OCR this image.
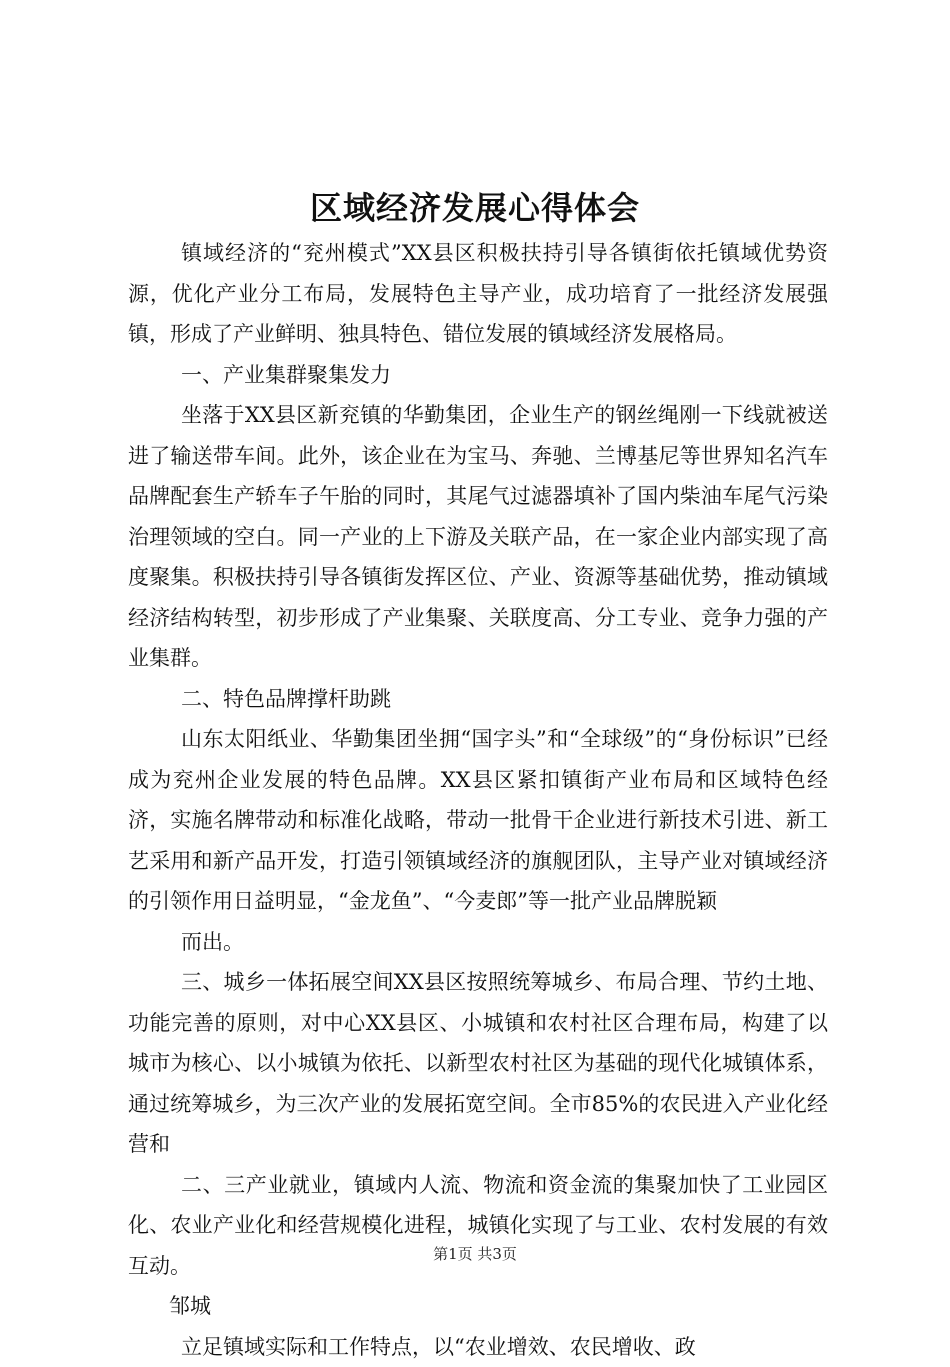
区域经济发展心得体会

镇域经济的“兖州模式”XX县区积极扶持引导各镇街依托镇域优势资源，优化产业分工布局，发展特色主导产业，成功培育了一批经济发展强镇，形成了产业鲜明、独具特色、错位发展的镇域经济发展格局。

一、产业集群聚集发力

坐落于XX县区新兖镇的华勤集团，企业生产的钢丝绳刚一下线就被送进了输送带车间。此外，该企业在为宝马、奔驰、兰博基尼等世界知名汽车品牌配套生产轿车子午胎的同时，其尾气过滤器填补了国内柴油车尾气污染治理领域的空白。同一产业的上下游及关联产品，在一家企业内部实现了高度聚集。积极扶持引导各镇街发挥区位、产业、资源等基础优势，推动镇域经济结构转型，初步形成了产业集聚、关联度高、分工专业、竞争力强的产业集群。

二、特色品牌撑杆助跳

山东太阳纸业、华勤集团坐拥“国字头”和“全球级”的“身份标识”已经成为兖州企业发展的特色品牌。XX县区紧扣镇街产业布局和区域特色经济，实施名牌带动和标准化战略，带动一批骨干企业进行新技术引进、新工艺采用和新产品开发，打造引领镇域经济的旗舰团队，主导产业对镇域经济的引领作用日益明显，“金龙鱼”、“今麦郎”等一批产业品牌脱颖

而出。

三、城乡一体拓展空间XX县区按照统筹城乡、布局合理、节约土地、功能完善的原则，对中心XX县区、小城镇和农村社区合理布局，构建了以城市为核心、以小城镇为依托、以新型农村社区为基础的现代化城镇体系，通过统筹城乡，为三次产业的发展拓宽空间。全市85%的农民进入产业化经营和

二、三产业就业，镇域内人流、物流和资金流的集聚加快了工业园区化、农业产业化和经营规模化进程，城镇化实现了与工业、农村发展的有效互动。

邹城

立足镇域实际和工作特点，以“农业增效、农民增收、政

第1页 共3页
